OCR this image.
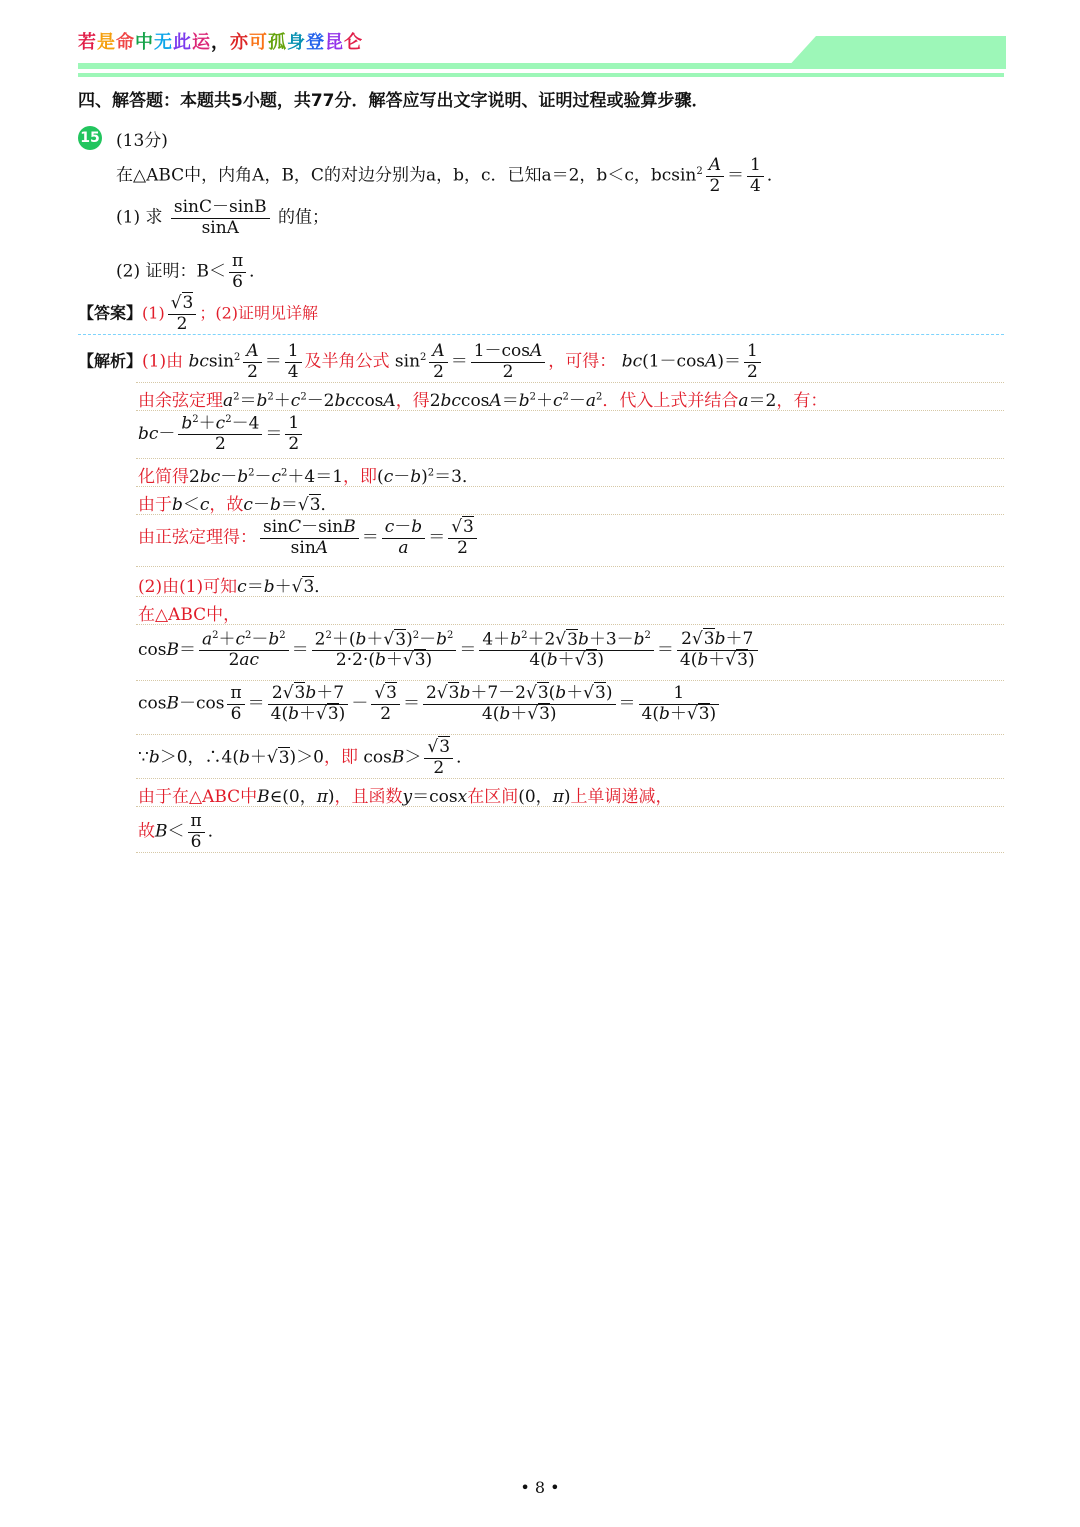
若是命中无此运，亦可孤身登昆仑
四、解答题：本题共5小题，共77分．解答应写出文字说明、证明过程或验算步骤．
15 (13分)
在△ABC中，内角A，B，C的对边分别为a，b，c．已知a＝2，b＜c，$bcsin^2 \frac{A}{2} = \frac{1}{4}$ ．
(1) 求 $\frac{\sin C-\sin B}{\sin A}$ 的值；
(2) 证明：$B< \frac{\pi}{6}$ ．
【答案】$(1) \frac{√3}{2}$ ；(2)证明见详解
【解析】(1)由 $bcsin^2 \frac{A}{2} = \frac{1}{4}$ 及半角公式 $\sin^2 \frac{A}{2} = \frac{1-\cos A}{2}$ ，可得： $bc(1-\cos A)= \frac{1}{2}$
由余弦定理$a^2=b^2+c^2-2bccosA$，得$2bccosA=b^2+c^2-a^2$．代入上式并结合a＝2，有：
$bc- \frac{b^2+c^2-4}{2} = \frac{1}{2}$
化简得$2bc-b^2-c^2+4=1$，即$(c-b)^2=3$．
由于b＜c，故c－b＝√3．
由正弦定理得： $\frac{\sin C-\sin B}{\sin A} = \frac{c-b}{a} = \frac{√3}{2}$
(2)由(1)可知c＝b＋√3．
在△ABC中，
$\cos B= \frac{a^2+c^2-b^2}{2ac} = \frac{2^2+(b+√3)^2-b^2}{2\cdot 2\cdot(b+√3)} = \frac{4+b^2+2√3b+3-b^2}{4(b+√3)} = \frac{2√3b+7}{4(b+√3)}$
$\cos B-\cos \frac{\pi}{6} = \frac{2√3b+7}{4(b+√3)} - \frac{√3}{2} = \frac{2√3b+7-2√3(b+√3)}{4(b+√3)} = \frac{1}{4(b+√3)}$
∵b＞0，∴4(b＋√3)＞0，即 $\cos B> \frac{√3}{2}$ ．
由于在△ABC中B∈(0，π)，且函数y＝cosx在区间(0，π)上单调递减，
故$B< \frac{\pi}{6}$ ．
• 8 •
